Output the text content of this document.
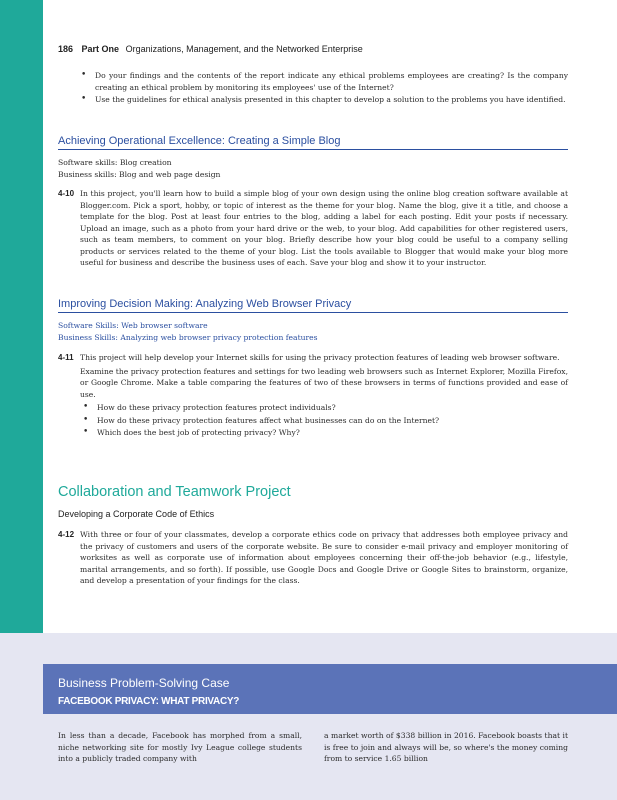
186 Part One Organizations, Management, and the Networked Enterprise
• Do your findings and the contents of the report indicate any ethical problems employees are creating? Is the company creating an ethical problem by monitoring its employees' use of the Internet?
• Use the guidelines for ethical analysis presented in this chapter to develop a solution to the problems you have identified.
Achieving Operational Excellence: Creating a Simple Blog
Software skills: Blog creation
Business skills: Blog and web page design
4-10 In this project, you'll learn how to build a simple blog of your own design using the online blog creation software available at Blogger.com. Pick a sport, hobby, or topic of interest as the theme for your blog. Name the blog, give it a title, and choose a template for the blog. Post at least four entries to the blog, adding a label for each posting. Edit your posts if necessary. Upload an image, such as a photo from your hard drive or the web, to your blog. Add capabilities for other registered users, such as team members, to comment on your blog. Briefly describe how your blog could be useful to a company selling products or services related to the theme of your blog. List the tools available to Blogger that would make your blog more useful for business and describe the business uses of each. Save your blog and show it to your instructor.
Improving Decision Making: Analyzing Web Browser Privacy
Software Skills: Web browser software
Business Skills: Analyzing web browser privacy protection features
4-11 This project will help develop your Internet skills for using the privacy protection features of leading web browser software.

Examine the privacy protection features and settings for two leading web browsers such as Internet Explorer, Mozilla Firefox, or Google Chrome. Make a table comparing the features of two of these browsers in terms of functions provided and ease of use.

• How do these privacy protection features protect individuals?
• How do these privacy protection features affect what businesses can do on the Internet?
• Which does the best job of protecting privacy? Why?
Collaboration and Teamwork Project
Developing a Corporate Code of Ethics
4-12 With three or four of your classmates, develop a corporate ethics code on privacy that addresses both employee privacy and the privacy of customers and users of the corporate website. Be sure to consider e-mail privacy and employer monitoring of worksites as well as corporate use of information about employees concerning their off-the-job behavior (e.g., lifestyle, marital arrangements, and so forth). If possible, use Google Docs and Google Drive or Google Sites to brainstorm, organize, and develop a presentation of your findings for the class.
Business Problem-Solving Case
FACEBOOK PRIVACY: WHAT PRIVACY?
In less than a decade, Facebook has morphed from a small, niche networking site for mostly Ivy League college students into a publicly traded company with
a market worth of $338 billion in 2016. Facebook boasts that it is free to join and always will be, so where's the money coming from to service 1.65 billion
